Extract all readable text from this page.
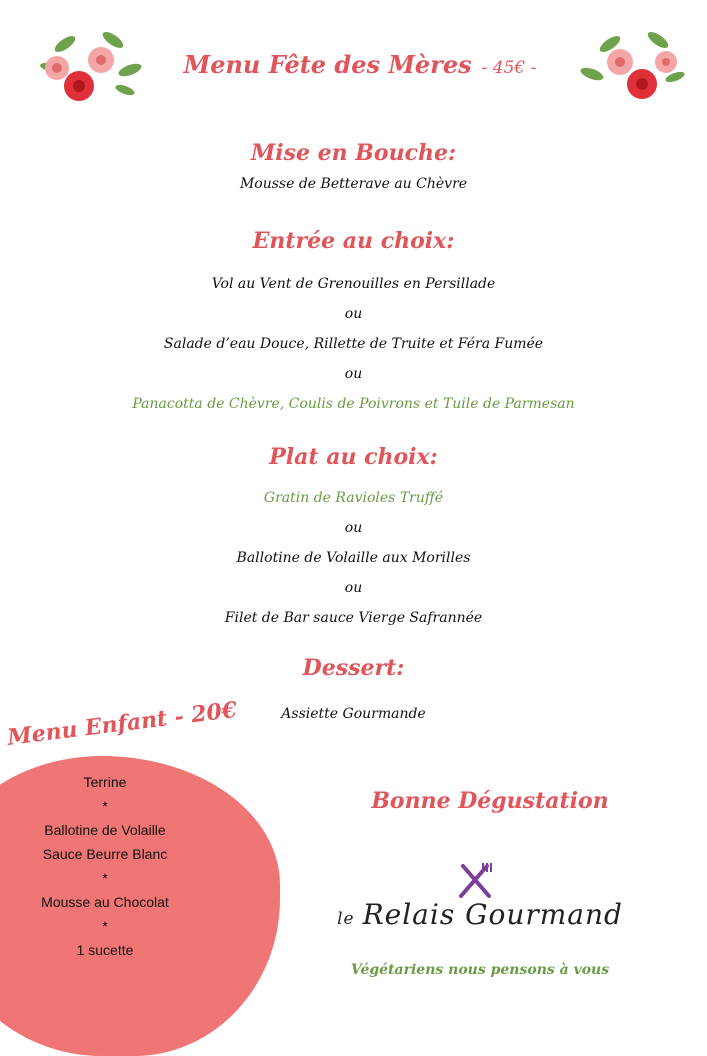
Menu Fête des Mères - 45€ -
Mise en Bouche:
Mousse de Betterave au Chèvre
Entrée au choix:
Vol au Vent de Grenouilles en Persillade
ou
Salade d’eau Douce, Rillette de Truite et Féra Fumée
ou
Panacotta de Chèvre, Coulis de Poivrons et Tuile de Parmesan
Plat au choix:
Gratin de Ravioles Truffé
ou
Ballotine de Volaille aux Morilles
ou
Filet de Bar sauce Vierge Safrannée
Dessert:
Assiette Gourmande
Menu Enfant - 20€
Terrine
*
Ballotine de Volaille
Sauce Beurre Blanc
*
Mousse au Chocolat
*
1 sucette
Bonne Dégustation
le Relais Gourmand
Végétariens nous pensons à vous
